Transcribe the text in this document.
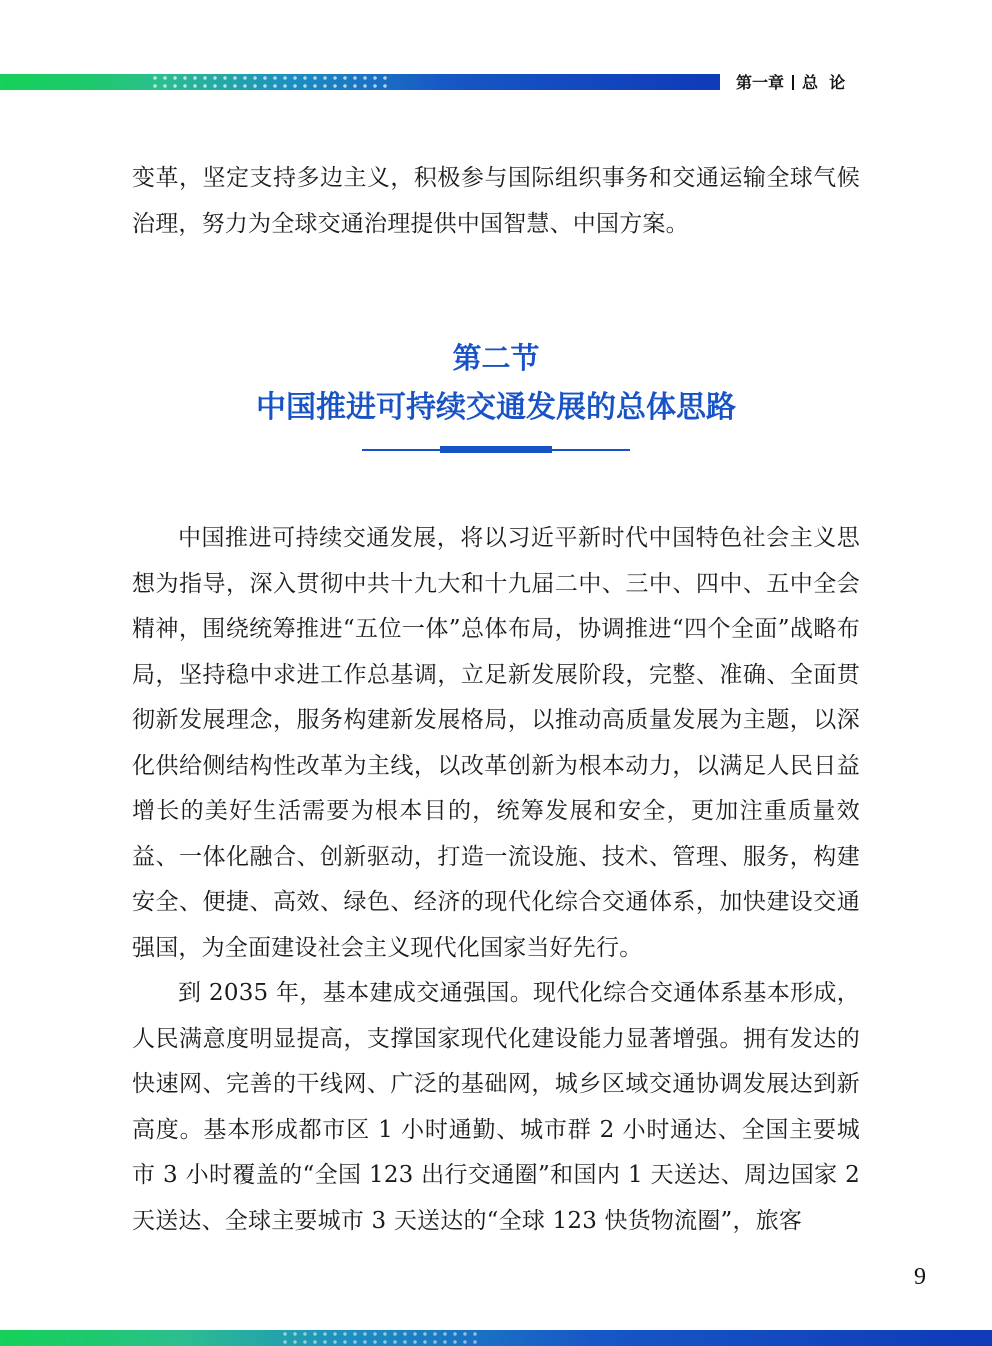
第一章 总  论

变革，坚定支持多边主义，积极参与国际组织事务和交通运输全球气候治理，努力为全球交通治理提供中国智慧、中国方案。

第二节
中国推进可持续交通发展的总体思路

中国推进可持续交通发展，将以习近平新时代中国特色社会主义思想为指导，深入贯彻中共十九大和十九届二中、三中、四中、五中全会精神，围绕统筹推进“五位一体”总体布局，协调推进“四个全面”战略布局，坚持稳中求进工作总基调，立足新发展阶段，完整、准确、全面贯彻新发展理念，服务构建新发展格局，以推动高质量发展为主题，以深化供给侧结构性改革为主线，以改革创新为根本动力，以满足人民日益增长的美好生活需要为根本目的，统筹发展和安全，更加注重质量效益、一体化融合、创新驱动，打造一流设施、技术、管理、服务，构建安全、便捷、高效、绿色、经济的现代化综合交通体系，加快建设交通强国，为全面建设社会主义现代化国家当好先行。

到 2035 年，基本建成交通强国。现代化综合交通体系基本形成，人民满意度明显提高，支撑国家现代化建设能力显著增强。拥有发达的快速网、完善的干线网、广泛的基础网，城乡区域交通协调发展达到新高度。基本形成都市区 1 小时通勤、城市群 2 小时通达、全国主要城市 3 小时覆盖的“全国 123 出行交通圈”和国内 1 天送达、周边国家 2 天送达、全球主要城市 3 天送达的“全球 123 快货物流圈”，旅客

9
